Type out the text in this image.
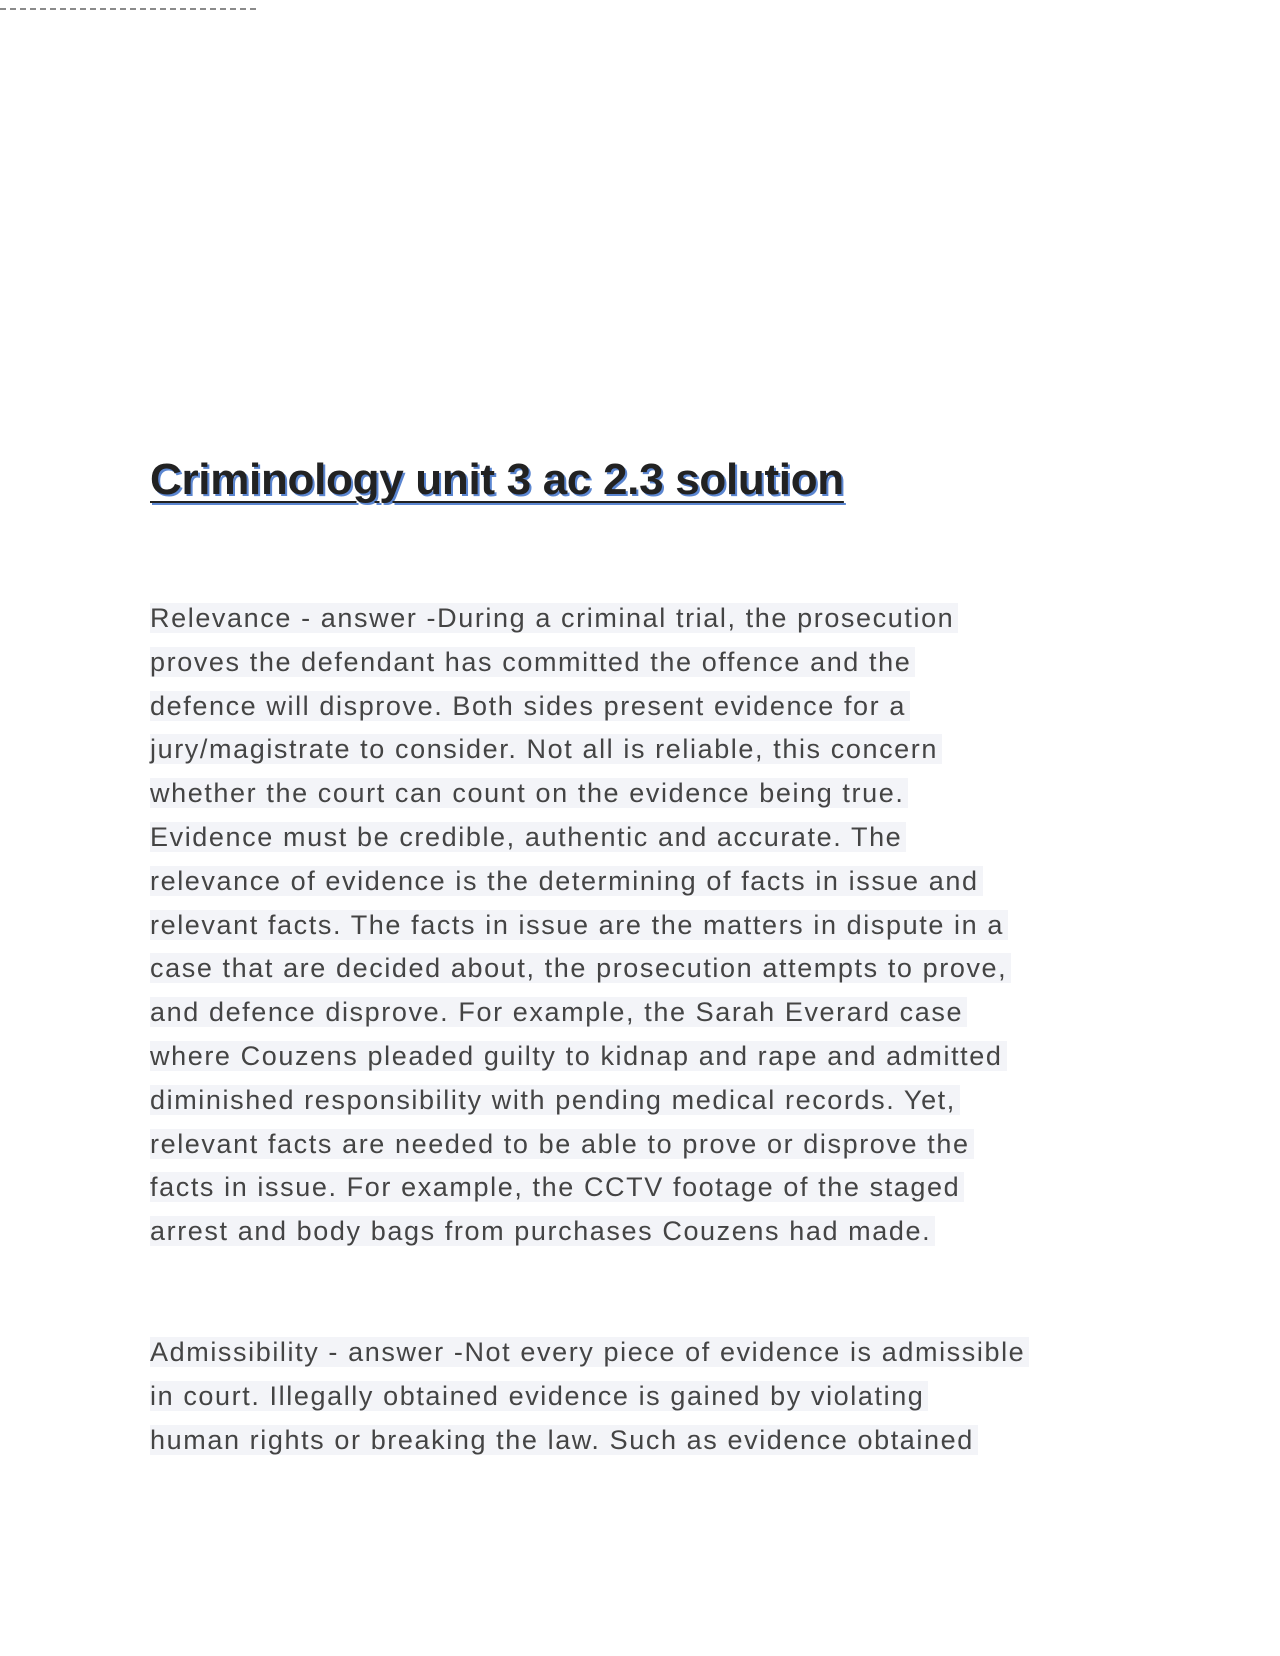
Criminology unit 3 ac 2.3 solution
Relevance - answer -During a criminal trial, the prosecution
proves the defendant has committed the offence and the
defence will disprove. Both sides present evidence for a
jury/magistrate to consider. Not all is reliable, this concern
whether the court can count on the evidence being true.
Evidence must be credible, authentic and accurate. The
relevance of evidence is the determining of facts in issue and
relevant facts. The facts in issue are the matters in dispute in a
case that are decided about, the prosecution attempts to prove,
and defence disprove. For example, the Sarah Everard case
where Couzens pleaded guilty to kidnap and rape and admitted
diminished responsibility with pending medical records. Yet,
relevant facts are needed to be able to prove or disprove the
facts in issue. For example, the CCTV footage of the staged
arrest and body bags from purchases Couzens had made.
Admissibility - answer -Not every piece of evidence is admissible
in court. Illegally obtained evidence is gained by violating
human rights or breaking the law. Such as evidence obtained
